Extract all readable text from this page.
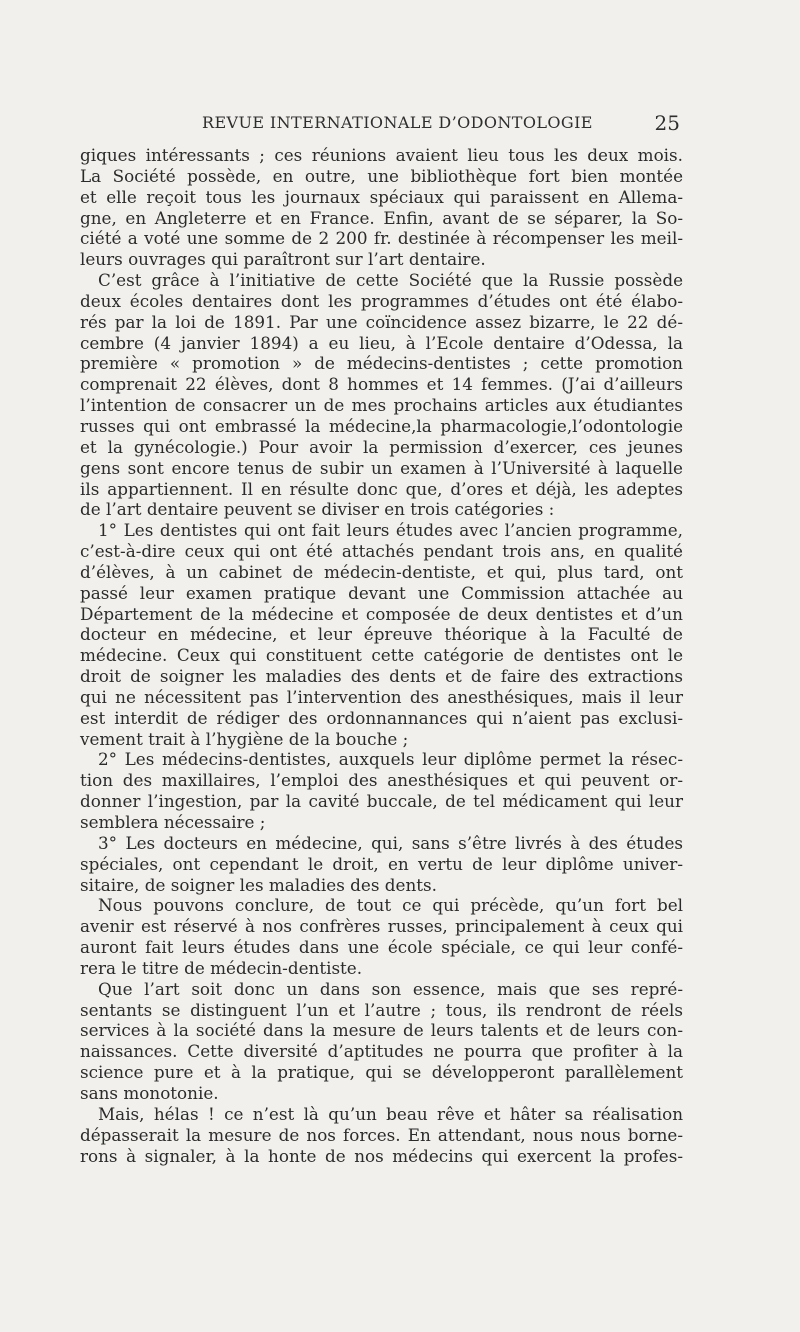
REVUE INTERNATIONALE D’ODONTOLOGIE	25
giques intéressants ; ces réunions avaient lieu tous les deux mois.
La Société possède, en outre, une bibliothèque fort bien montée
et elle reçoit tous les journaux spéciaux qui paraissent en Allema-
gne, en Angleterre et en France. Enfin, avant de se séparer, la So-
ciété a voté une somme de 2 200 fr. destinée à récompenser les meil-
leurs ouvrages qui paraîtront sur l’art dentaire.
C’est grâce à l’initiative de cette Société que la Russie possède
deux écoles dentaires dont les programmes d’études ont été élabo-
rés par la loi de 1891. Par une coïncidence assez bizarre, le 22 dé-
cembre (4 janvier 1894) a eu lieu, à l’Ecole dentaire d’Odessa, la
première « promotion » de médecins-dentistes ; cette promotion
comprenait 22 élèves, dont 8 hommes et 14 femmes. (J’ai d’ailleurs
l’intention de consacrer un de mes prochains articles aux étudiantes
russes qui ont embrassé la médecine,la pharmacologie,l’odontologie
et la gynécologie.) Pour avoir la permission d’exercer, ces jeunes
gens sont encore tenus de subir un examen à l’Université à laquelle
ils appartiennent. Il en résulte donc que, d’ores et déjà, les adeptes
de l’art dentaire peuvent se diviser en trois catégories :
1° Les dentistes qui ont fait leurs études avec l’ancien programme,
c’est-à-dire ceux qui ont été attachés pendant trois ans, en qualité
d’élèves, à un cabinet de médecin-dentiste, et qui, plus tard, ont
passé leur examen pratique devant une Commission attachée au
Département de la médecine et composée de deux dentistes et d’un
docteur en médecine, et leur épreuve théorique à la Faculté de
médecine. Ceux qui constituent cette catégorie de dentistes ont le
droit de soigner les maladies des dents et de faire des extractions
qui ne nécessitent pas l’intervention des anesthésiques, mais il leur
est interdit de rédiger des ordonnannances qui n’aient pas exclusi-
vement trait à l’hygiène de la bouche ;
2° Les médecins-dentistes, auxquels leur diplôme permet la résec-
tion des maxillaires, l’emploi des anesthésiques et qui peuvent or-
donner l’ingestion, par la cavité buccale, de tel médicament qui leur
semblera nécessaire ;
3° Les docteurs en médecine, qui, sans s’être livrés à des études
spéciales, ont cependant le droit, en vertu de leur diplôme univer-
sitaire, de soigner les maladies des dents.
Nous pouvons conclure, de tout ce qui précède, qu’un fort bel
avenir est réservé à nos confrères russes, principalement à ceux qui
auront fait leurs études dans une école spéciale, ce qui leur confé-
rera le titre de médecin-dentiste.
Que l’art soit donc un dans son essence, mais que ses repré-
sentants se distinguent l’un et l’autre ; tous, ils rendront de réels
services à la société dans la mesure de leurs talents et de leurs con-
naissances. Cette diversité d’aptitudes ne pourra que profiter à la
science pure et à la pratique, qui se développeront parallèlement
sans monotonie.
Mais, hélas ! ce n’est là qu’un beau rêve et hâter sa réalisation
dépasserait la mesure de nos forces. En attendant, nous nous borne-
rons à signaler, à la honte de nos médecins qui exercent la profes-
